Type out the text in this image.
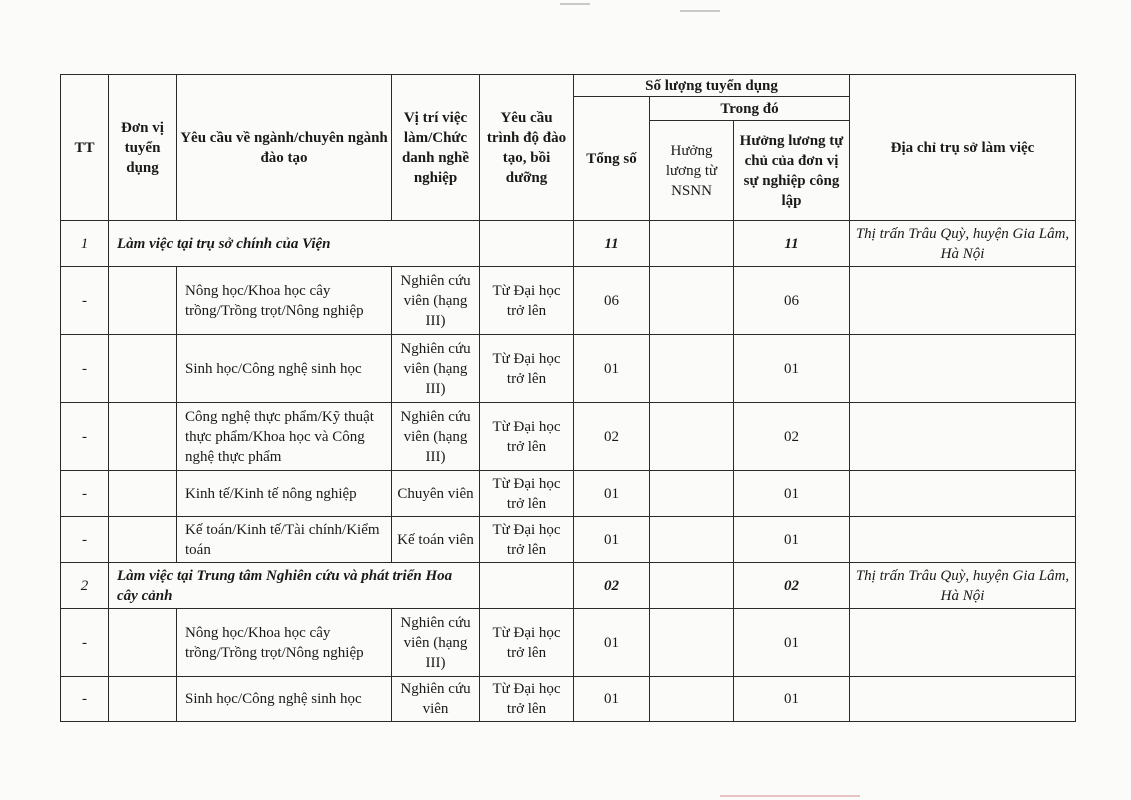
TT	Đơn vị tuyển dụng	Yêu cầu về ngành/chuyên ngành đào tạo	Vị trí việc làm/Chức danh nghề nghiệp	Yêu cầu trình độ đào tạo, bồi dưỡng	Số lượng tuyển dụng			Địa chỉ trụ sở làm việc
					Tổng số	Trong đó		
						Hưởng lương từ NSNN	Hưởng lương tự chủ của đơn vị sự nghiệp công lập	
1	Làm việc tại trụ sở chính của Viện				11		11	Thị trấn Trâu Quỳ, huyện Gia Lâm, Hà Nội
-		Nông học/Khoa học cây trồng/Trồng trọt/Nông nghiệp	Nghiên cứu viên (hạng III)	Từ Đại học trở lên	06		06	
-		Sinh học/Công nghệ sinh học	Nghiên cứu viên (hạng III)	Từ Đại học trở lên	01		01	
-		Công nghệ thực phẩm/Kỹ thuật thực phẩm/Khoa học và Công nghệ thực phẩm	Nghiên cứu viên (hạng III)	Từ Đại học trở lên	02		02	
-		Kinh tế/Kinh tế nông nghiệp	Chuyên viên	Từ Đại học trở lên	01		01	
-		Kế toán/Kinh tế/Tài chính/Kiểm toán	Kế toán viên	Từ Đại học trở lên	01		01	
2	Làm việc tại Trung tâm Nghiên cứu và phát triển Hoa cây cảnh				02		02	Thị trấn Trâu Quỳ, huyện Gia Lâm, Hà Nội
-		Nông học/Khoa học cây trồng/Trồng trọt/Nông nghiệp	Nghiên cứu viên (hạng III)	Từ Đại học trở lên	01		01	
-		Sinh học/Công nghệ sinh học	Nghiên cứu viên	Từ Đại học trở lên	01		01	
